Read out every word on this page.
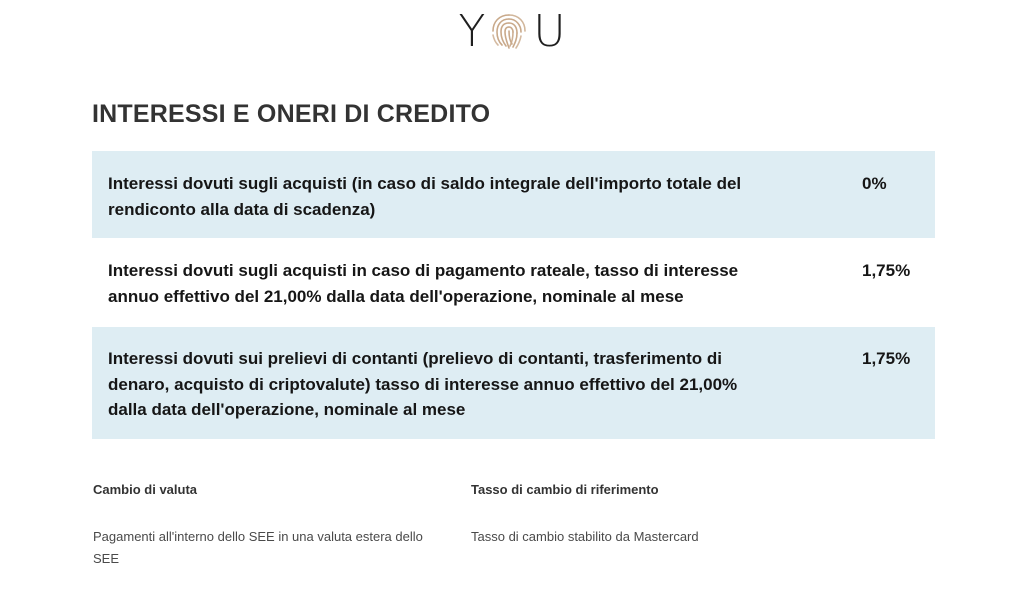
Y U
INTERESSI E ONERI DI CREDITO
Interessi dovuti sugli acquisti (in caso di saldo integrale dell'importo totale del rendiconto alla data di scadenza)
0%
Interessi dovuti sugli acquisti in caso di pagamento rateale, tasso di interesse annuo effettivo del 21,00% dalla data dell'operazione, nominale al mese
1,75%
Interessi dovuti sui prelievi di contanti (prelievo di contanti, trasferimento di denaro, acquisto di criptovalute) tasso di interesse annuo effettivo del 21,00% dalla data dell'operazione, nominale al mese
1,75%

Cambio di valuta	Tasso di cambio di riferimento

Pagamenti all'interno dello SEE in una valuta estera dello SEE

Tasso di cambio stabilito da Mastercard
